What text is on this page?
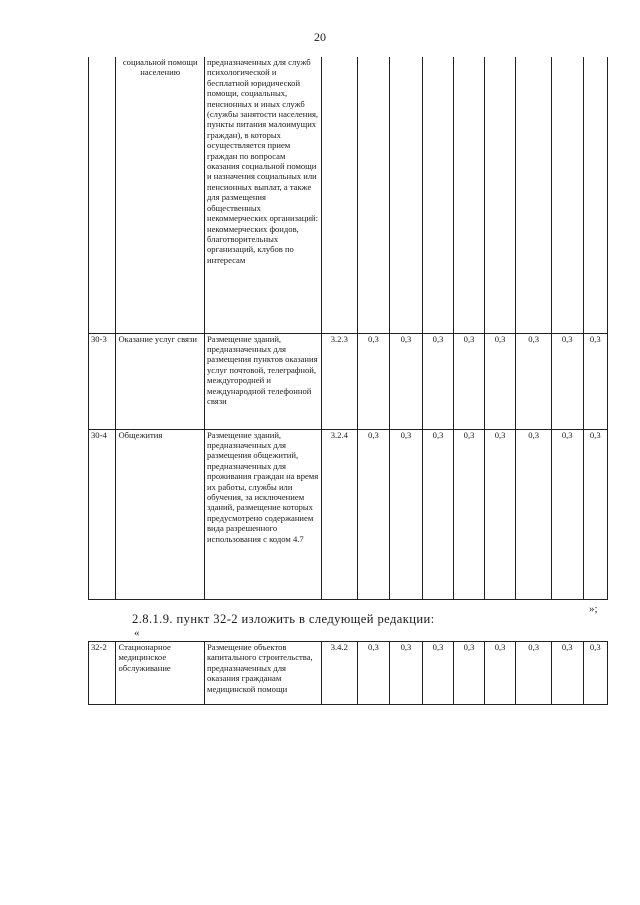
20
	социальной помощи населению	предназначенных для служб психологической и бесплатной юридической помощи, социальных, пенсионных и иных служб (службы занятости населения, пункты питания малоимущих граждан), в которых осуществляется прием граждан по вопросам оказания социальной помощи и назначения социальных или пенсионных выплат, а также для размещения общественных некоммерческих организаций: некоммерческих фондов, благотворительных организаций, клубов по интересам									
30-3	Оказание услуг связи	Размещение зданий, предназначенных для размещения пунктов оказания услуг почтовой, телеграфной, междугородней и международной телефонной связи	3.2.3	0,3	0,3	0,3	0,3	0,3	0,3	0,3	0,3
30-4	Общежития	Размещение зданий, предназначенных для размещения общежитий, предназначенных для проживания граждан на время их работы, службы или обучения, за исключением зданий, размещение которых предусмотрено содержанием вида разрешенного использования с кодом 4.7	3.2.4	0,3	0,3	0,3	0,3	0,3	0,3	0,3	0,3
»;
2.8.1.9. пункт 32-2 изложить в следующей редакции:
«
32-2	Стационарное медицинское обслуживание	Размещение объектов капитального строительства, предназначенных для оказания гражданам медицинской помощи	3.4.2	0,3	0,3	0,3	0,3	0,3	0,3	0,3	0,3
